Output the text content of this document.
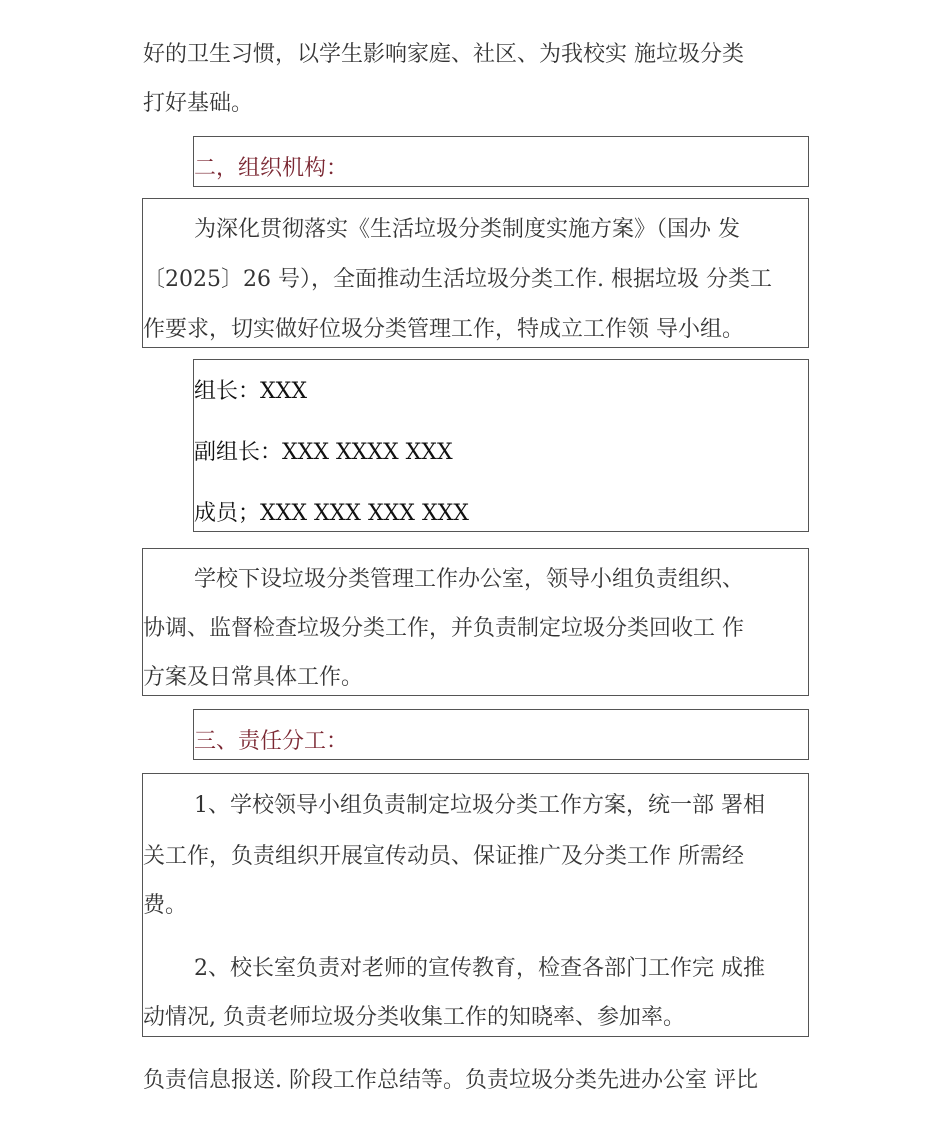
好的卫生习惯，以学生影响家庭、社区、为我校实 施垃圾分类
打好基础。
二，组织机构：
为深化贯彻落实《生活垃圾分类制度实施方案》（国办 发
〔2025〕26 号），全面推动生活垃圾分类工作. 根据垃圾 分类工
作要求，切实做好位圾分类管理工作，特成立工作领 导小组。
组长：XXX
副组长：XXX XXXX XXX
成员；XXX XXX XXX XXX
学校下设垃圾分类管理工作办公室，领导小组负责组织、
协调、监督检查垃圾分类工作，并负责制定垃圾分类回收工 作
方案及日常具体工作。
三、责任分工：
1、学校领导小组负责制定垃圾分类工作方案，统一部 署相
关工作，负责组织开展宣传动员、保证推广及分类工作 所需经
费。
2、校长室负责对老师的宣传教育，检查各部门工作完 成推
动情况, 负责老师垃圾分类收集工作的知晓率、参加率。
负责信息报送. 阶段工作总结等。负责垃圾分类先进办公室 评比
